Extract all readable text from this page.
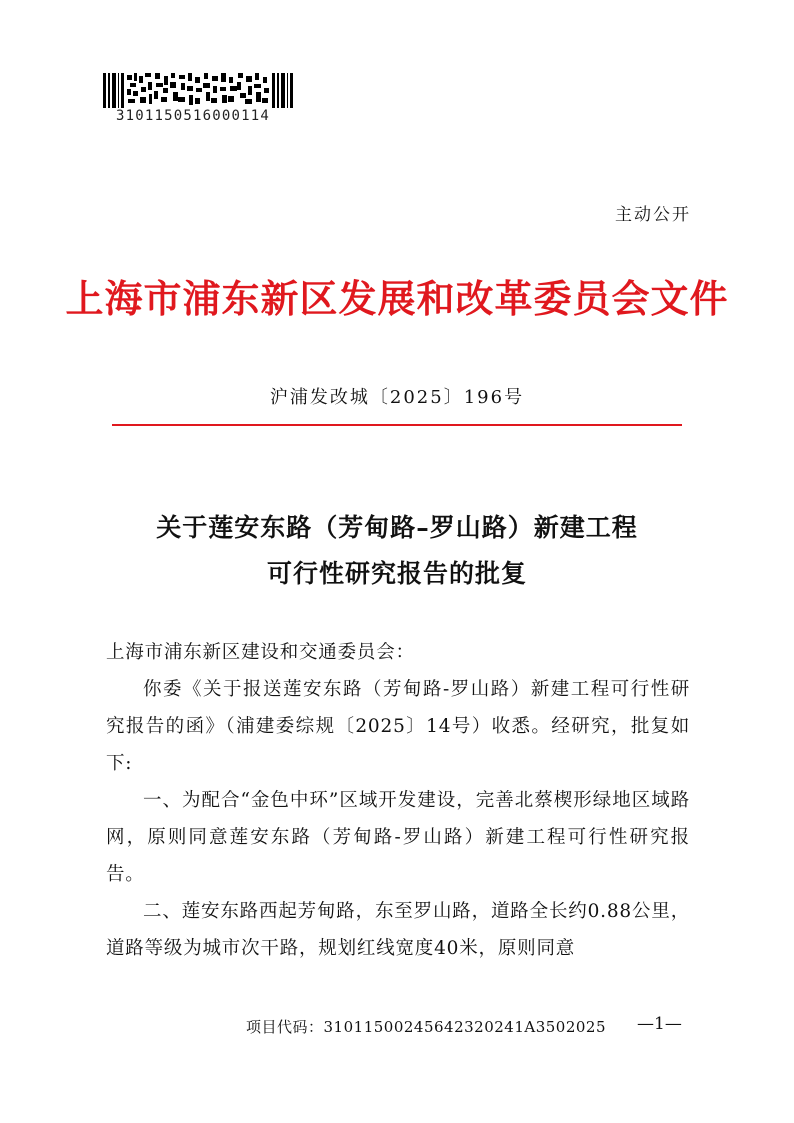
3101150516000114
主动公开
上海市浦东新区发展和改革委员会文件
沪浦发改城〔2025〕196号
关于莲安东路（芳甸路–罗山路）新建工程
可行性研究报告的批复

上海市浦东新区建设和交通委员会：

你委《关于报送莲安东路（芳甸路-罗山路）新建工程可行性研究报告的函》（浦建委综规〔2025〕14号）收悉。经研究，批复如下:

一、为配合“金色中环”区域开发建设，完善北蔡楔形绿地区域路网，原则同意莲安东路（芳甸路-罗山路）新建工程可行性研究报告。

二、莲安东路西起芳甸路，东至罗山路，道路全长约0.88公里，道路等级为城市次干路，规划红线宽度40米，原则同意

项目代码：31011500245642320241A3502025 —1—
